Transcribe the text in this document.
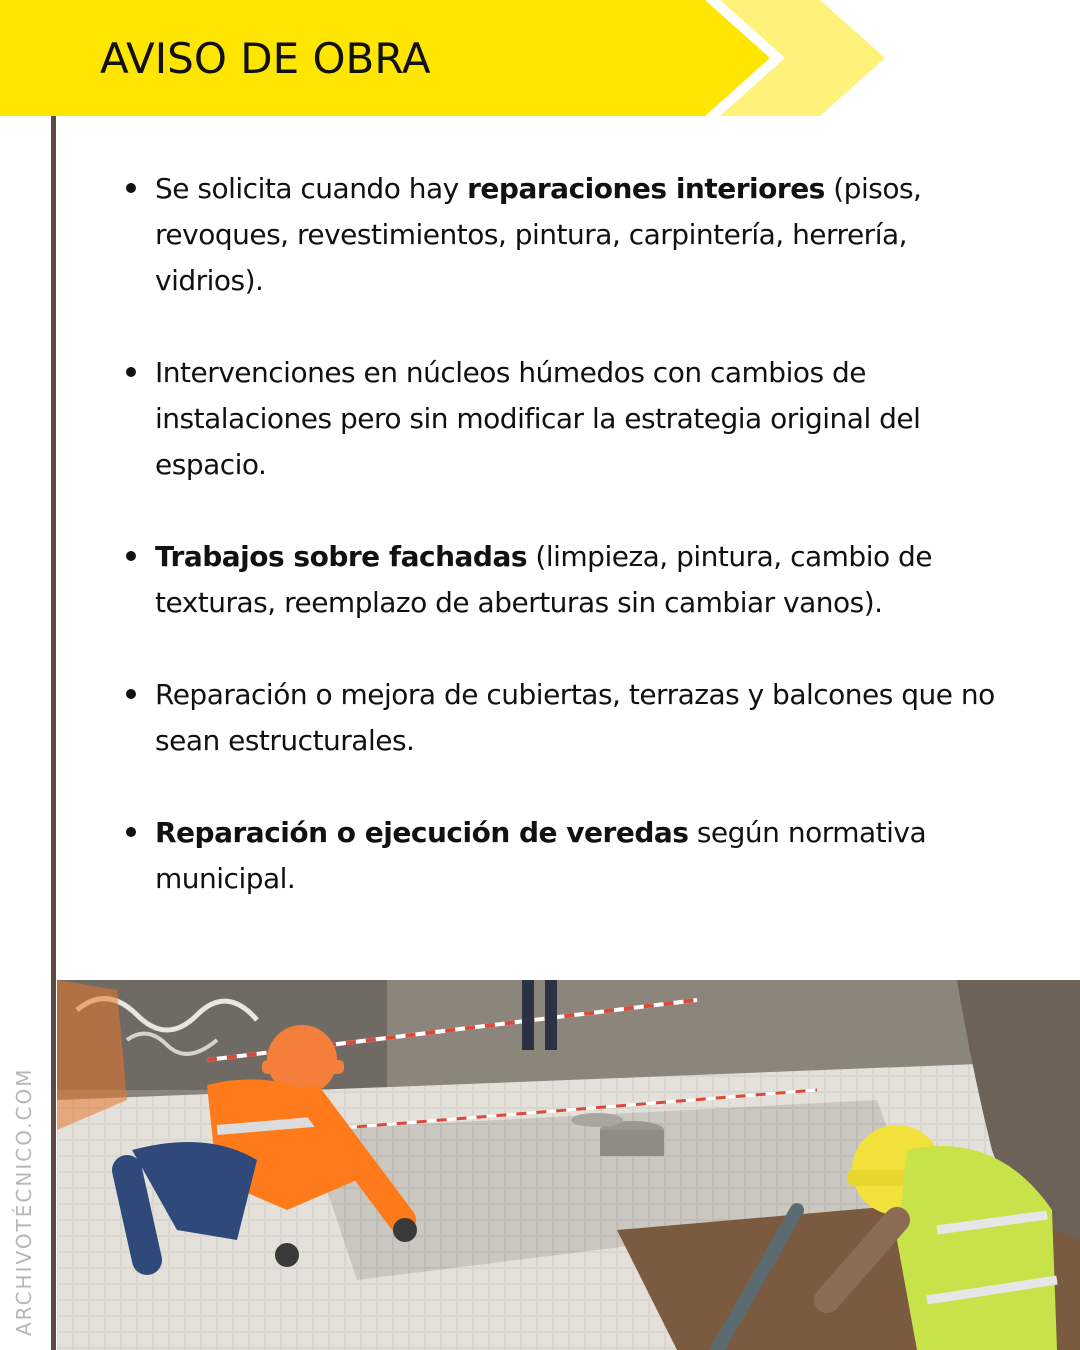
AVISO DE OBRA
ARCHIVOTÉCNICO.COM
Se solicita cuando hay reparaciones interiores (pisos, revoques, revestimientos, pintura, carpintería, herrería, vidrios).
Intervenciones en núcleos húmedos con cambios de instalaciones pero sin modificar la estrategia original del espacio.
Trabajos sobre fachadas (limpieza, pintura, cambio de texturas, reemplazo de aberturas sin cambiar vanos).
Reparación o mejora de cubiertas, terrazas y balcones que no sean estructurales.
Reparación o ejecución de veredas según normativa municipal.
